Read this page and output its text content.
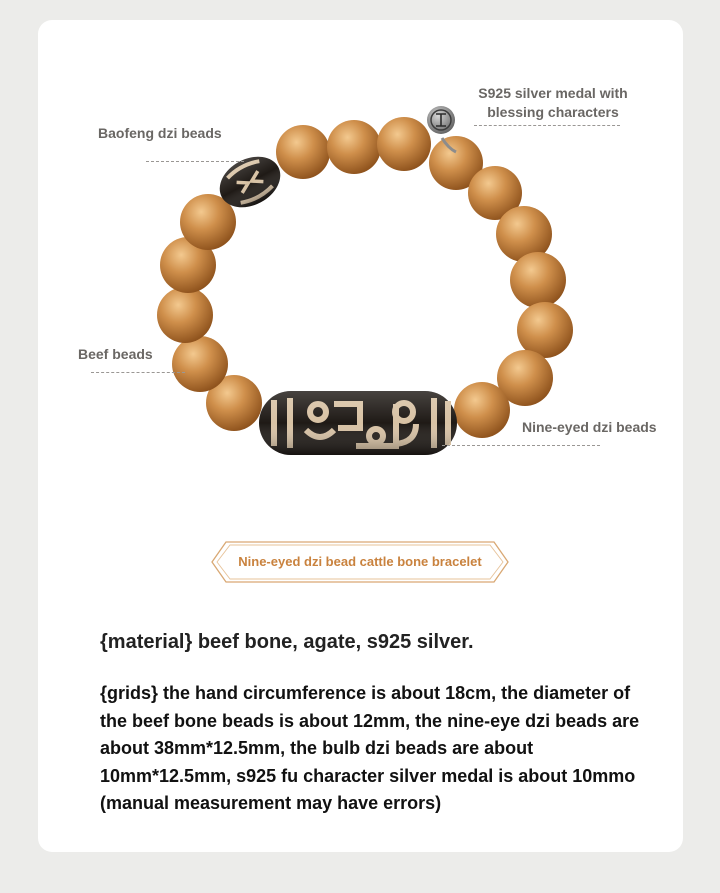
S925 silver medal with
blessing characters
Baofeng dzi beads
Beef beads
Nine-eyed dzi beads
Nine-eyed dzi bead cattle bone bracelet
{material} beef bone, agate, s925 silver.
{grids} the hand circumference is about 18cm, the diameter of the beef bone beads is about 12mm, the nine-eye dzi beads are about 38mm*12.5mm, the bulb dzi beads are about 10mm*12.5mm, s925 fu character silver medal is about 10mmo (manual measurement may have errors)
